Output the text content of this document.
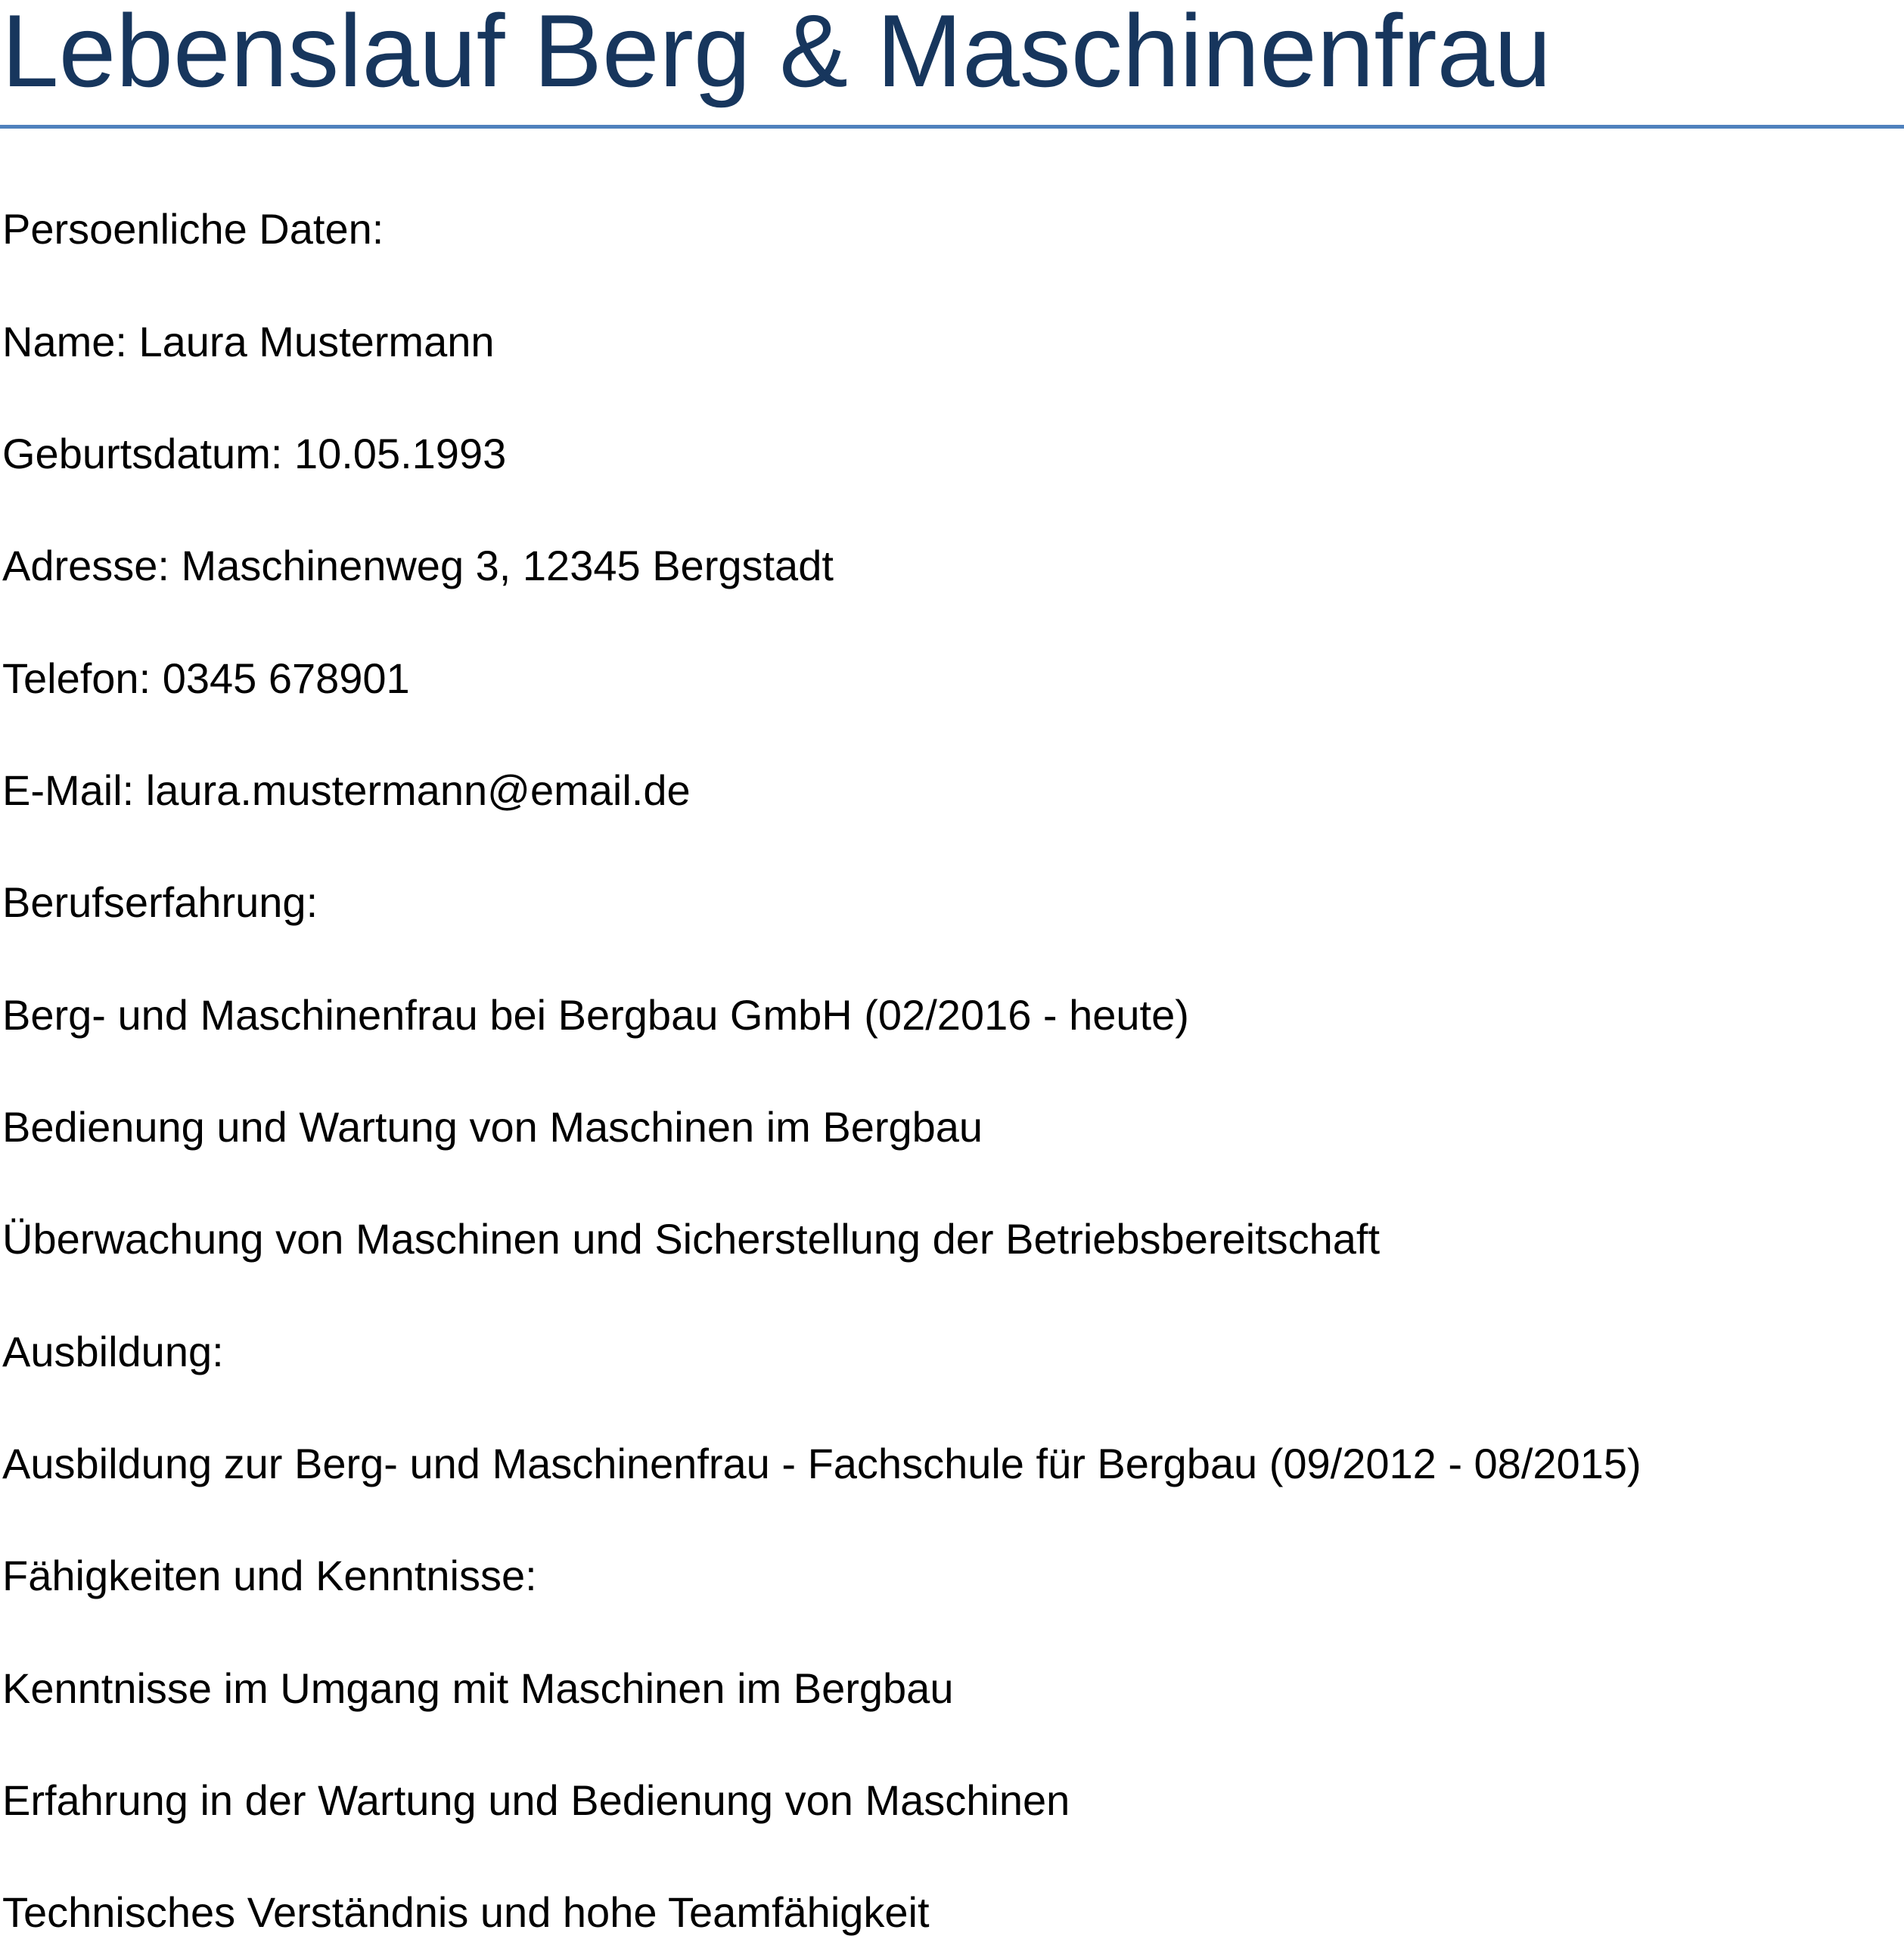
Lebenslauf Berg & Maschinenfrau

Persoenliche Daten:

Name: Laura Mustermann

Geburtsdatum: 10.05.1993

Adresse: Maschinenweg 3, 12345 Bergstadt

Telefon: 0345 678901

E-Mail: laura.mustermann@email.de

Berufserfahrung:

Berg- und Maschinenfrau bei Bergbau GmbH (02/2016 - heute)

Bedienung und Wartung von Maschinen im Bergbau

Überwachung von Maschinen und Sicherstellung der Betriebsbereitschaft

Ausbildung:

Ausbildung zur Berg- und Maschinenfrau - Fachschule für Bergbau (09/2012 - 08/2015)

Fähigkeiten und Kenntnisse:

Kenntnisse im Umgang mit Maschinen im Bergbau

Erfahrung in der Wartung und Bedienung von Maschinen

Technisches Verständnis und hohe Teamfähigkeit
